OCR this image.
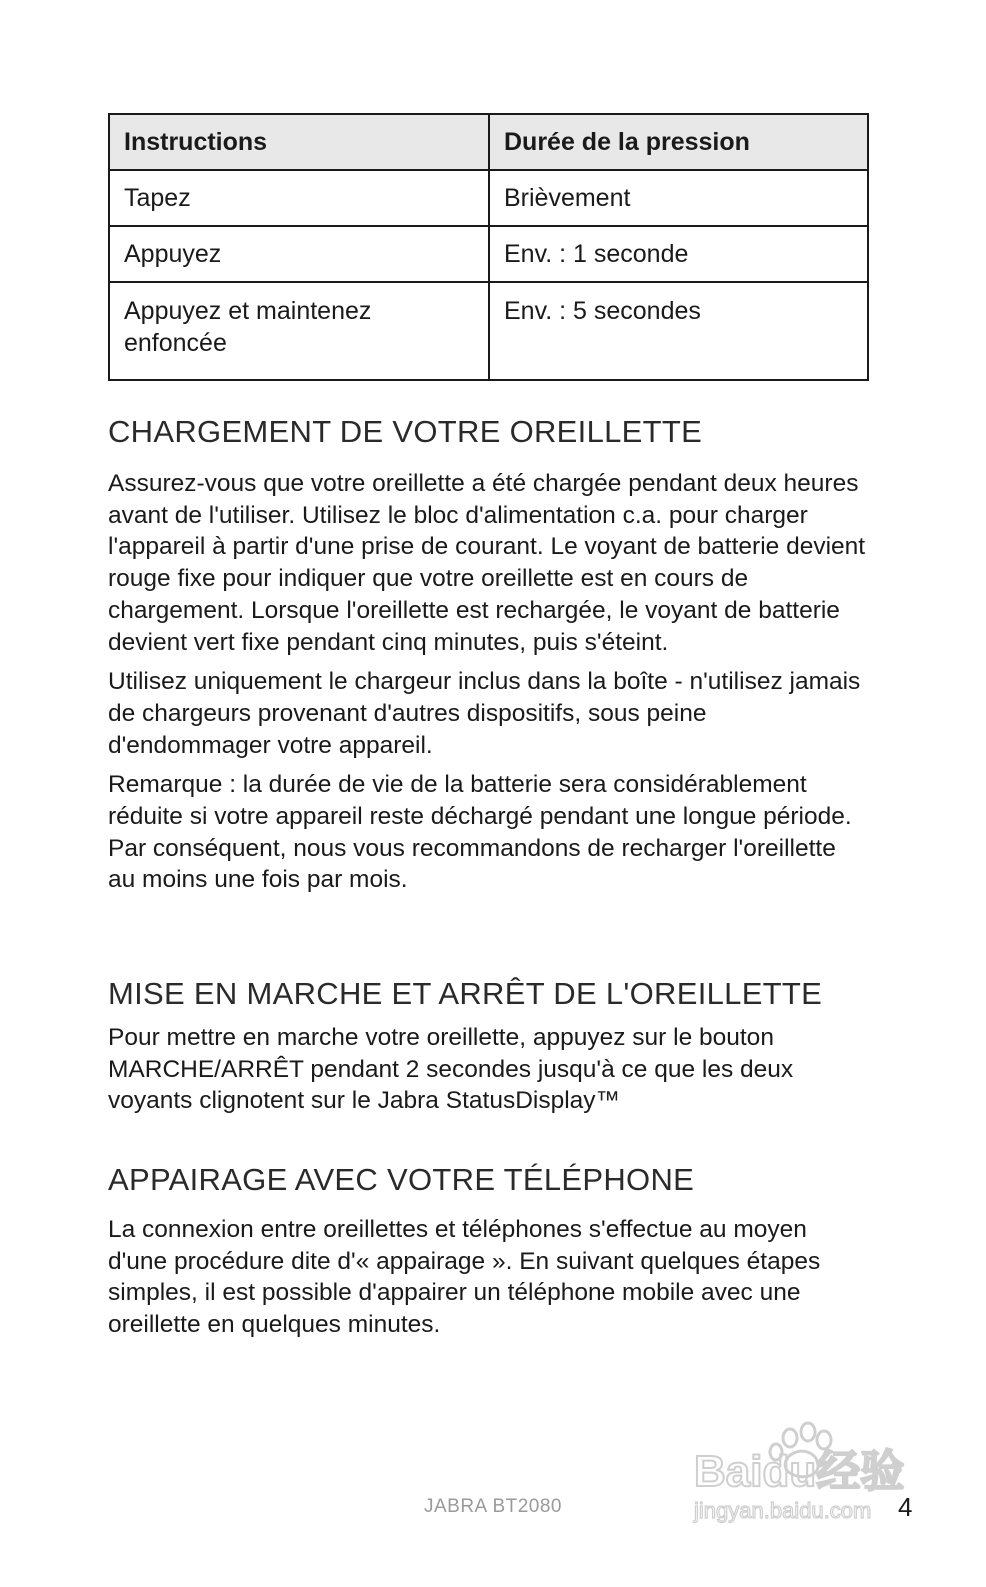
Instructions	Durée de la pression
Tapez	Brièvement
Appuyez	Env. : 1 seconde
Appuyez et maintenez enfoncée	Env. : 5 secondes
CHARGEMENT DE VOTRE OREILLETTE

Assurez-vous que votre oreillette a été chargée pendant deux heures avant de l'utiliser. Utilisez le bloc d'alimentation c.a. pour charger l'appareil à partir d'une prise de courant. Le voyant de batterie devient rouge fixe pour indiquer que votre oreillette est en cours de chargement. Lorsque l'oreillette est rechargée, le voyant de batterie devient vert fixe pendant cinq minutes, puis s'éteint.

Utilisez uniquement le chargeur inclus dans la boîte - n'utilisez jamais de chargeurs provenant d'autres dispositifs, sous peine d'endommager votre appareil.

Remarque : la durée de vie de la batterie sera considérablement réduite si votre appareil reste déchargé pendant une longue période. Par conséquent, nous vous recommandons de recharger l'oreillette au moins une fois par mois.

MISE EN MARCHE ET ARRÊT DE L'OREILLETTE

Pour mettre en marche votre oreillette, appuyez sur le bouton MARCHE/ARRÊT pendant 2 secondes jusqu'à ce que les deux voyants clignotent sur le Jabra StatusDisplay™

APPAIRAGE AVEC VOTRE TÉLÉPHONE

La connexion entre oreillettes et téléphones s'effectue au moyen d'une procédure dite d'« appairage ». En suivant quelques étapes simples, il est possible d'appairer un téléphone mobile avec une oreillette en quelques minutes.

JABRA BT2080
Baidu经验
jingyan.baidu.com 4
